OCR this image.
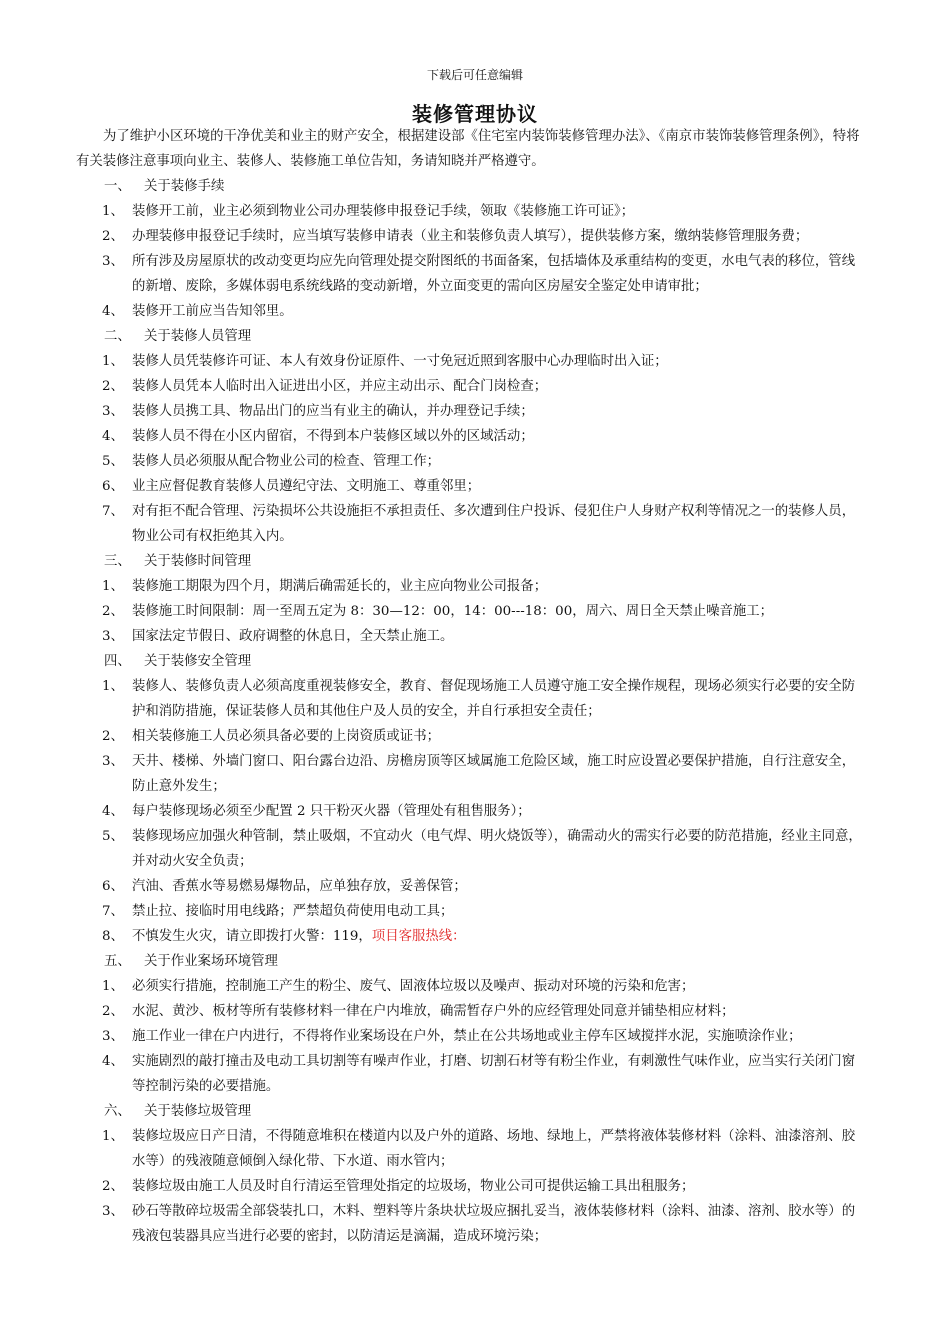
下载后可任意编辑
装修管理协议

为了维护小区环境的干净优美和业主的财产安全，根据建设部《住宅室内装饰装修管理办法》、《南京市装饰装修管理条例》，特将有关装修注意事项向业主、装修人、装修施工单位告知，务请知晓并严格遵守。

一、 关于装修手续
1、 装修开工前，业主必须到物业公司办理装修申报登记手续，领取《装修施工许可证》；
2、 办理装修申报登记手续时，应当填写装修申请表（业主和装修负责人填写），提供装修方案，缴纳装修管理服务费；
3、 所有涉及房屋原状的改动变更均应先向管理处提交附图纸的书面备案，包括墙体及承重结构的变更，水电气表的移位，管线的新增、废除，多媒体弱电系统线路的变动新增，外立面变更的需向区房屋安全鉴定处申请审批；
4、 装修开工前应当告知邻里。
二、 关于装修人员管理
1、 装修人员凭装修许可证、本人有效身份证原件、一寸免冠近照到客服中心办理临时出入证；
2、 装修人员凭本人临时出入证进出小区，并应主动出示、配合门岗检查；
3、 装修人员携工具、物品出门的应当有业主的确认，并办理登记手续；
4、 装修人员不得在小区内留宿，不得到本户装修区域以外的区域活动；
5、 装修人员必须服从配合物业公司的检查、管理工作；
6、 业主应督促教育装修人员遵纪守法、文明施工、尊重邻里；
7、 对有拒不配合管理、污染损坏公共设施拒不承担责任、多次遭到住户投诉、侵犯住户人身财产权利等情况之一的装修人员，物业公司有权拒绝其入内。
三、 关于装修时间管理
1、 装修施工期限为四个月，期满后确需延长的，业主应向物业公司报备；
2、 装修施工时间限制：周一至周五定为 8：30—12：00，14：00---18：00，周六、周日全天禁止噪音施工；
3、 国家法定节假日、政府调整的休息日，全天禁止施工。
四、 关于装修安全管理
1、 装修人、装修负责人必须高度重视装修安全，教育、督促现场施工人员遵守施工安全操作规程，现场必须实行必要的安全防护和消防措施，保证装修人员和其他住户及人员的安全，并自行承担安全责任；
2、 相关装修施工人员必须具备必要的上岗资质或证书；
3、 天井、楼梯、外墙门窗口、阳台露台边沿、房檐房顶等区域属施工危险区域，施工时应设置必要保护措施，自行注意安全，防止意外发生；
4、 每户装修现场必须至少配置 2 只干粉灭火器（管理处有租售服务）；
5、 装修现场应加强火种管制，禁止吸烟，不宜动火（电气焊、明火烧饭等），确需动火的需实行必要的防范措施，经业主同意，并对动火安全负责；
6、 汽油、香蕉水等易燃易爆物品，应单独存放，妥善保管；
7、 禁止拉、接临时用电线路；严禁超负荷使用电动工具；
8、 不慎发生火灾，请立即拨打火警：119，项目客服热线：
五、 关于作业案场环境管理
1、 必须实行措施，控制施工产生的粉尘、废气、固液体垃圾以及噪声、振动对环境的污染和危害；
2、 水泥、黄沙、板材等所有装修材料一律在户内堆放，确需暂存户外的应经管理处同意并铺垫相应材料；
3、 施工作业一律在户内进行，不得将作业案场设在户外，禁止在公共场地或业主停车区域搅拌水泥，实施喷涂作业；
4、 实施剧烈的敲打撞击及电动工具切割等有噪声作业，打磨、切割石材等有粉尘作业，有刺激性气味作业，应当实行关闭门窗等控制污染的必要措施。
六、 关于装修垃圾管理
1、 装修垃圾应日产日清，不得随意堆积在楼道内以及户外的道路、场地、绿地上，严禁将液体装修材料（涂料、油漆溶剂、胶水等）的残液随意倾倒入绿化带、下水道、雨水管内；
2、 装修垃圾由施工人员及时自行清运至管理处指定的垃圾场，物业公司可提供运输工具出租服务；
3、 砂石等散碎垃圾需全部袋装扎口，木料、塑料等片条块状垃圾应捆扎妥当，液体装修材料（涂料、油漆、溶剂、胶水等）的残液包装器具应当进行必要的密封，以防清运是滴漏，造成环境污染；
